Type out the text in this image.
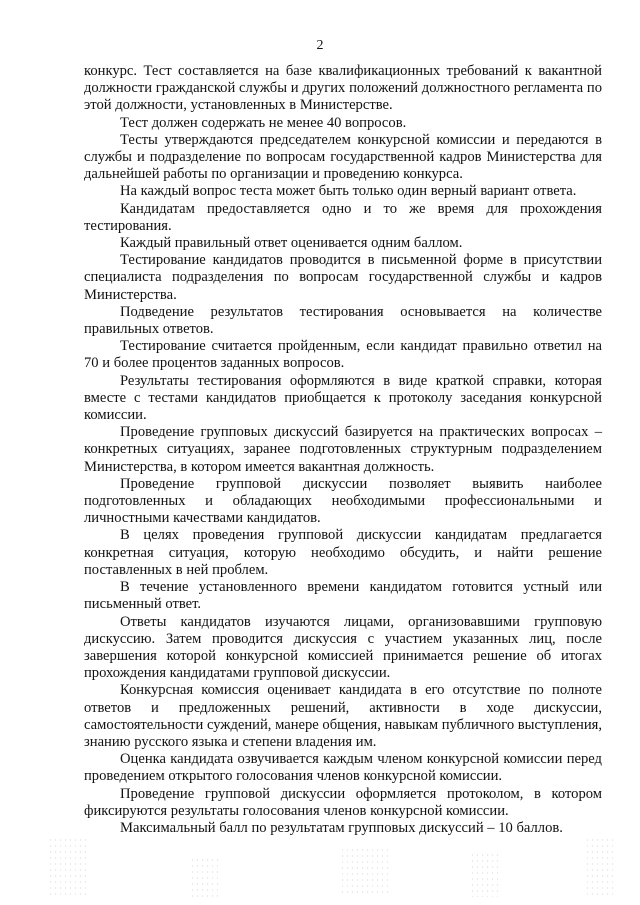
2

конкурс. Тест составляется на базе квалификационных требований к вакантной должности гражданской службы и других положений должностного регламента по этой должности, установленных в Министерстве.

Тест должен содержать не менее 40 вопросов.

Тесты утверждаются председателем конкурсной комиссии и передаются в службы и подразделение по вопросам государственной кадров Министерства для дальнейшей работы по организации и проведению конкурса.

На каждый вопрос теста может быть только один верный вариант ответа.

Кандидатам предоставляется одно и то же время для прохождения тестирования.

Каждый правильный ответ оценивается одним баллом.

Тестирование кандидатов проводится в письменной форме в присутствии специалиста подразделения по вопросам государственной службы и кадров Министерства.

Подведение результатов тестирования основывается на количестве правильных ответов.

Тестирование считается пройденным, если кандидат правильно ответил на 70 и более процентов заданных вопросов.

Результаты тестирования оформляются в виде краткой справки, которая вместе с тестами кандидатов приобщается к протоколу заседания конкурсной комиссии.

Проведение групповых дискуссий базируется на практических вопросах – конкретных ситуациях, заранее подготовленных структурным подразделением Министерства, в котором имеется вакантная должность.

Проведение групповой дискуссии позволяет выявить наиболее подготовленных и обладающих необходимыми профессиональными и личностными качествами кандидатов.

В целях проведения групповой дискуссии кандидатам предлагается конкретная ситуация, которую необходимо обсудить, и найти решение поставленных в ней проблем.

В течение установленного времени кандидатом готовится устный или письменный ответ.

Ответы кандидатов изучаются лицами, организовавшими групповую дискуссию. Затем проводится дискуссия с участием указанных лиц, после завершения которой конкурсной комиссией принимается решение об итогах прохождения кандидатами групповой дискуссии.

Конкурсная комиссия оценивает кандидата в его отсутствие по полноте ответов и предложенных решений, активности в ходе дискуссии, самостоятельности суждений, манере общения, навыкам публичного выступления, знанию русского языка и степени владения им.

Оценка кандидата озвучивается каждым членом конкурсной комиссии перед проведением открытого голосования членов конкурсной комиссии.

Проведение групповой дискуссии оформляется протоколом, в котором фиксируются результаты голосования членов конкурсной комиссии.

Максимальный балл по результатам групповых дискуссий – 10 баллов.
